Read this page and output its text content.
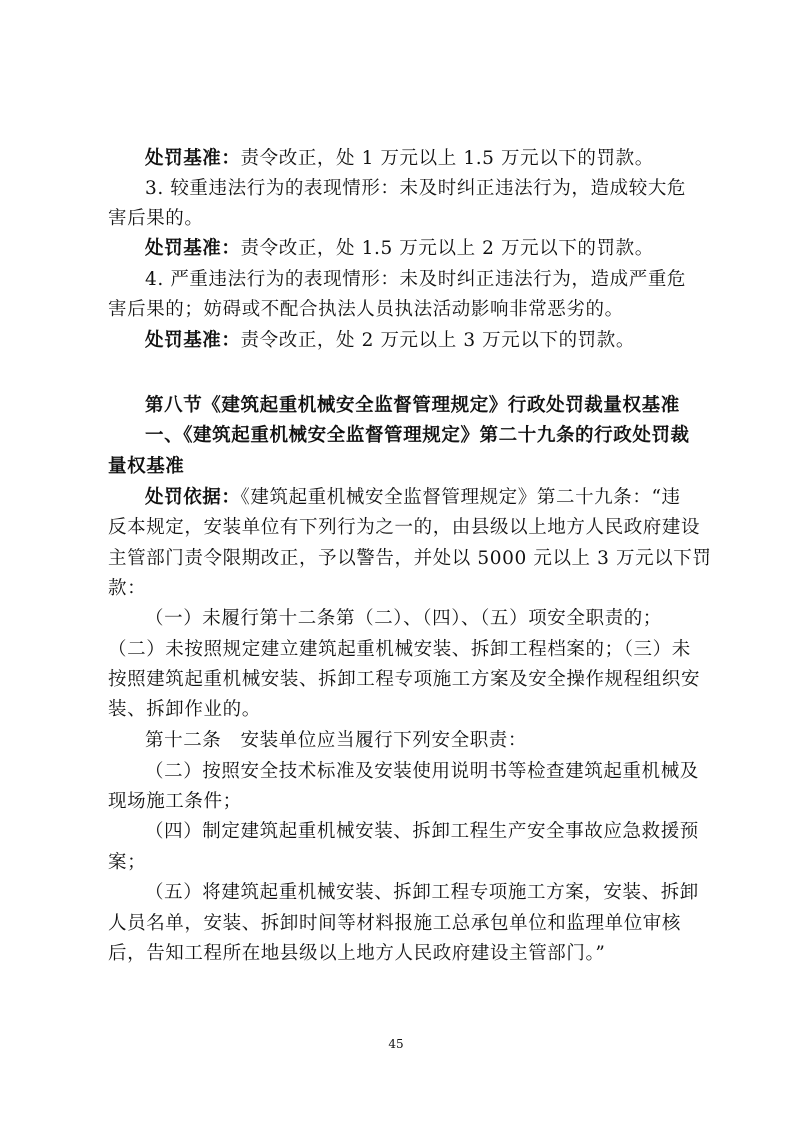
处罚基准：责令改正，处 1 万元以上 1.5 万元以下的罚款。
3. 较重违法行为的表现情形：未及时纠正违法行为，造成较大危
害后果的。
处罚基准：责令改正，处 1.5 万元以上 2 万元以下的罚款。
4. 严重违法行为的表现情形：未及时纠正违法行为，造成严重危
害后果的；妨碍或不配合执法人员执法活动影响非常恶劣的。
处罚基准：责令改正，处 2 万元以上 3 万元以下的罚款。
第八节《建筑起重机械安全监督管理规定》行政处罚裁量权基准
一、《建筑起重机械安全监督管理规定》第二十九条的行政处罚裁
量权基准
处罚依据：《建筑起重机械安全监督管理规定》第二十九条：“违
反本规定，安装单位有下列行为之一的，由县级以上地方人民政府建设
主管部门责令限期改正，予以警告，并处以 5000 元以上 3 万元以下罚
款：
（一）未履行第十二条第（二）、（四）、（五）项安全职责的；
（二）未按照规定建立建筑起重机械安装、拆卸工程档案的；（三）未
按照建筑起重机械安装、拆卸工程专项施工方案及安全操作规程组织安
装、拆卸作业的。
第十二条　安装单位应当履行下列安全职责：
（二）按照安全技术标准及安装使用说明书等检查建筑起重机械及
现场施工条件；
（四）制定建筑起重机械安装、拆卸工程生产安全事故应急救援预
案；
（五）将建筑起重机械安装、拆卸工程专项施工方案，安装、拆卸
人员名单，安装、拆卸时间等材料报施工总承包单位和监理单位审核
后，告知工程所在地县级以上地方人民政府建设主管部门。”
45
